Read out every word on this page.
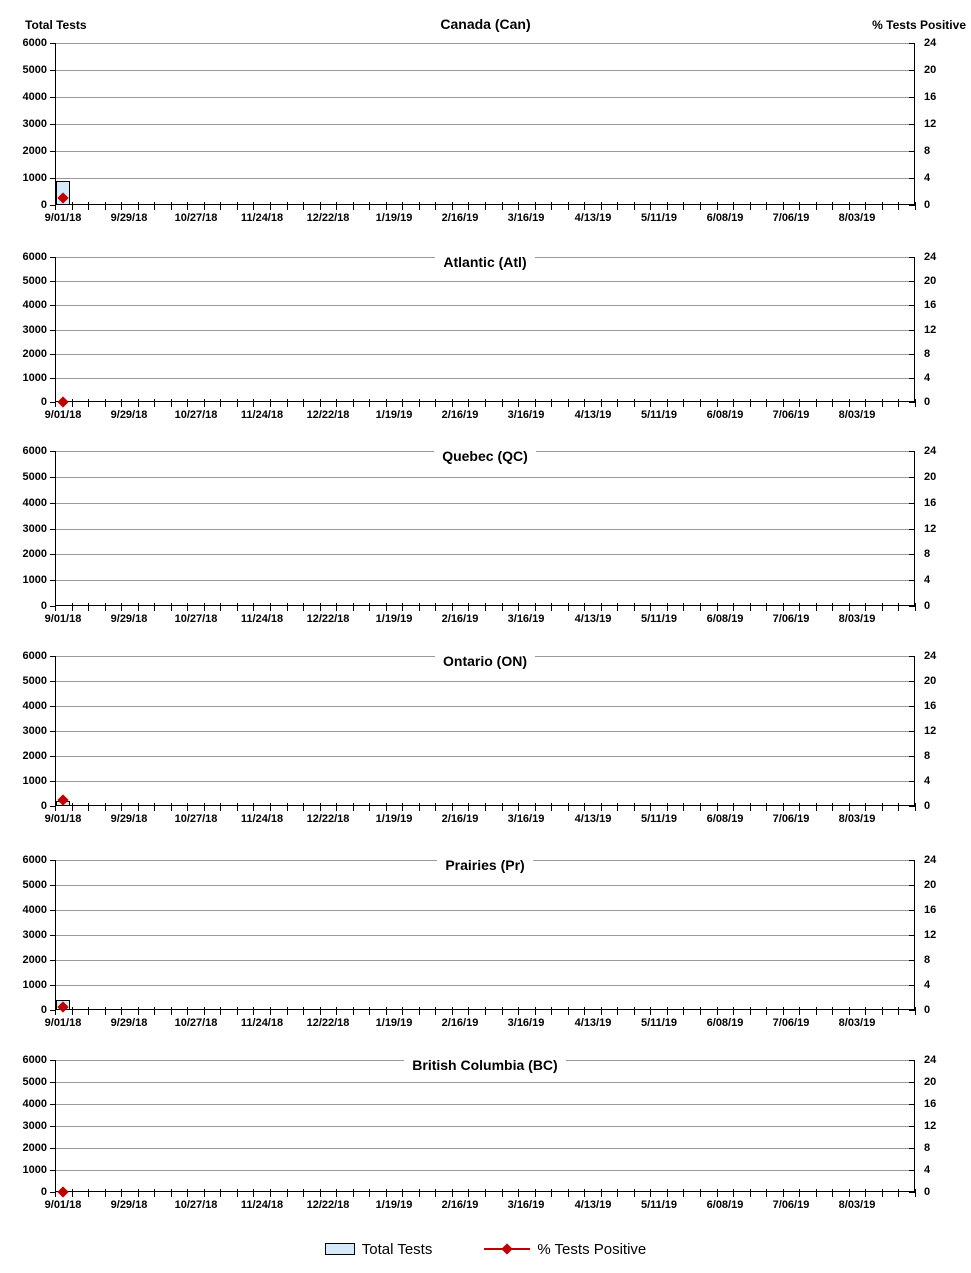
Total Tests	Canada (Can)	% Tests Positive
0
1000
2000
3000
4000
5000
6000
0
4
8
12
16
20
24
9/01/18	9/29/18	10/27/18	11/24/18	12/22/18	1/19/19	2/16/19	3/16/19	4/13/19	5/11/19	6/08/19	7/06/19	8/03/19
0
1000
2000
3000
4000
5000
6000
0
4
8
12
16
20
24
9/01/18	9/29/18	10/27/18	11/24/18	12/22/18	1/19/19	2/16/19	3/16/19	4/13/19	5/11/19	6/08/19	7/06/19	8/03/19
Atlantic (Atl)
0
1000
2000
3000
4000
5000
6000
0
4
8
12
16
20
24
9/01/18	9/29/18	10/27/18	11/24/18	12/22/18	1/19/19	2/16/19	3/16/19	4/13/19	5/11/19	6/08/19	7/06/19	8/03/19
Quebec (QC)
0
1000
2000
3000
4000
5000
6000
0
4
8
12
16
20
24
9/01/18	9/29/18	10/27/18	11/24/18	12/22/18	1/19/19	2/16/19	3/16/19	4/13/19	5/11/19	6/08/19	7/06/19	8/03/19
Ontario (ON)
0
1000
2000
3000
4000
5000
6000
0
4
8
12
16
20
24
9/01/18	9/29/18	10/27/18	11/24/18	12/22/18	1/19/19	2/16/19	3/16/19	4/13/19	5/11/19	6/08/19	7/06/19	8/03/19
Prairies (Pr)
0
1000
2000
3000
4000
5000
6000
0
4
8
12
16
20
24
9/01/18	9/29/18	10/27/18	11/24/18	12/22/18	1/19/19	2/16/19	3/16/19	4/13/19	5/11/19	6/08/19	7/06/19	8/03/19
British Columbia (BC)
Total Tests	% Tests Positive
